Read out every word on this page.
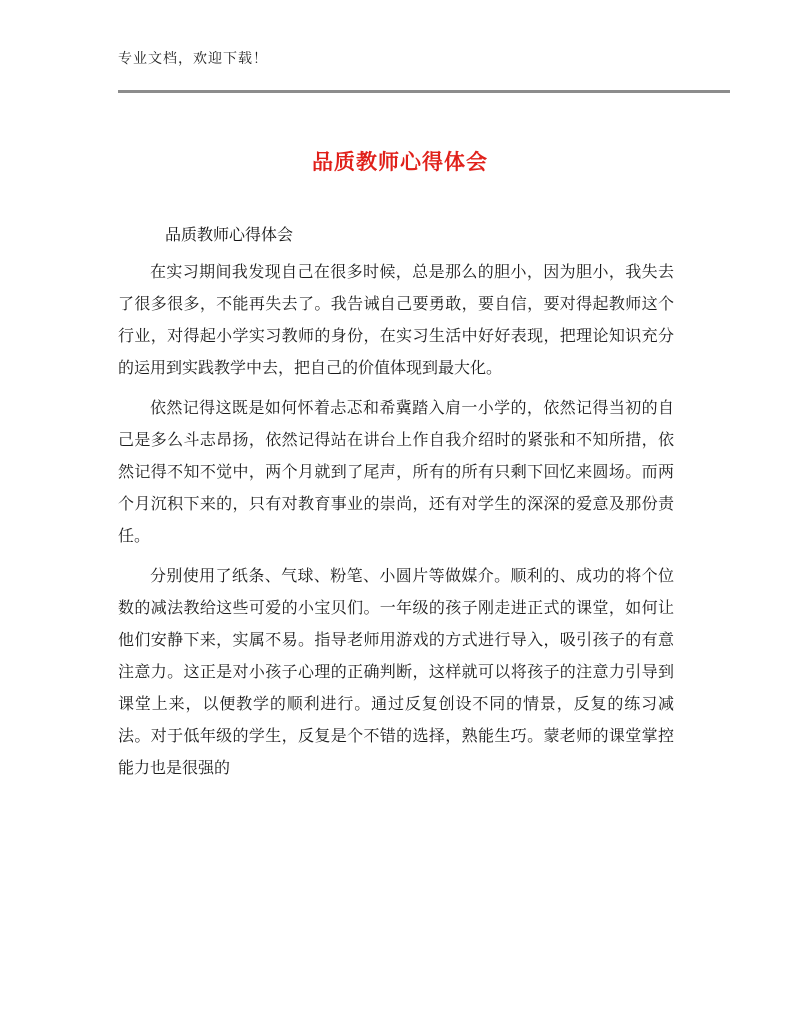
专业文档，欢迎下载！
品质教师心得体会
品质教师心得体会

在实习期间我发现自己在很多时候，总是那么的胆小，因为胆小，我失去了很多很多，不能再失去了。我告诫自己要勇敢，要自信，要对得起教师这个行业，对得起小学实习教师的身份，在实习生活中好好表现，把理论知识充分的运用到实践教学中去，把自己的价值体现到最大化。

依然记得这既是如何怀着忐忑和希冀踏入肩一小学的，依然记得当初的自己是多么斗志昂扬，依然记得站在讲台上作自我介绍时的紧张和不知所措，依然记得不知不觉中，两个月就到了尾声，所有的所有只剩下回忆来圆场。而两个月沉积下来的，只有对教育事业的崇尚，还有对学生的深深的爱意及那份责任。

分别使用了纸条、气球、粉笔、小圆片等做媒介。顺利的、成功的将个位数的减法教给这些可爱的小宝贝们。一年级的孩子刚走进正式的课堂，如何让他们安静下来，实属不易。指导老师用游戏的方式进行导入，吸引孩子的有意注意力。这正是对小孩子心理的正确判断，这样就可以将孩子的注意力引导到课堂上来，以便教学的顺利进行。通过反复创设不同的情景，反复的练习减法。对于低年级的学生，反复是个不错的选择，熟能生巧。蒙老师的课堂掌控能力也是很强的
